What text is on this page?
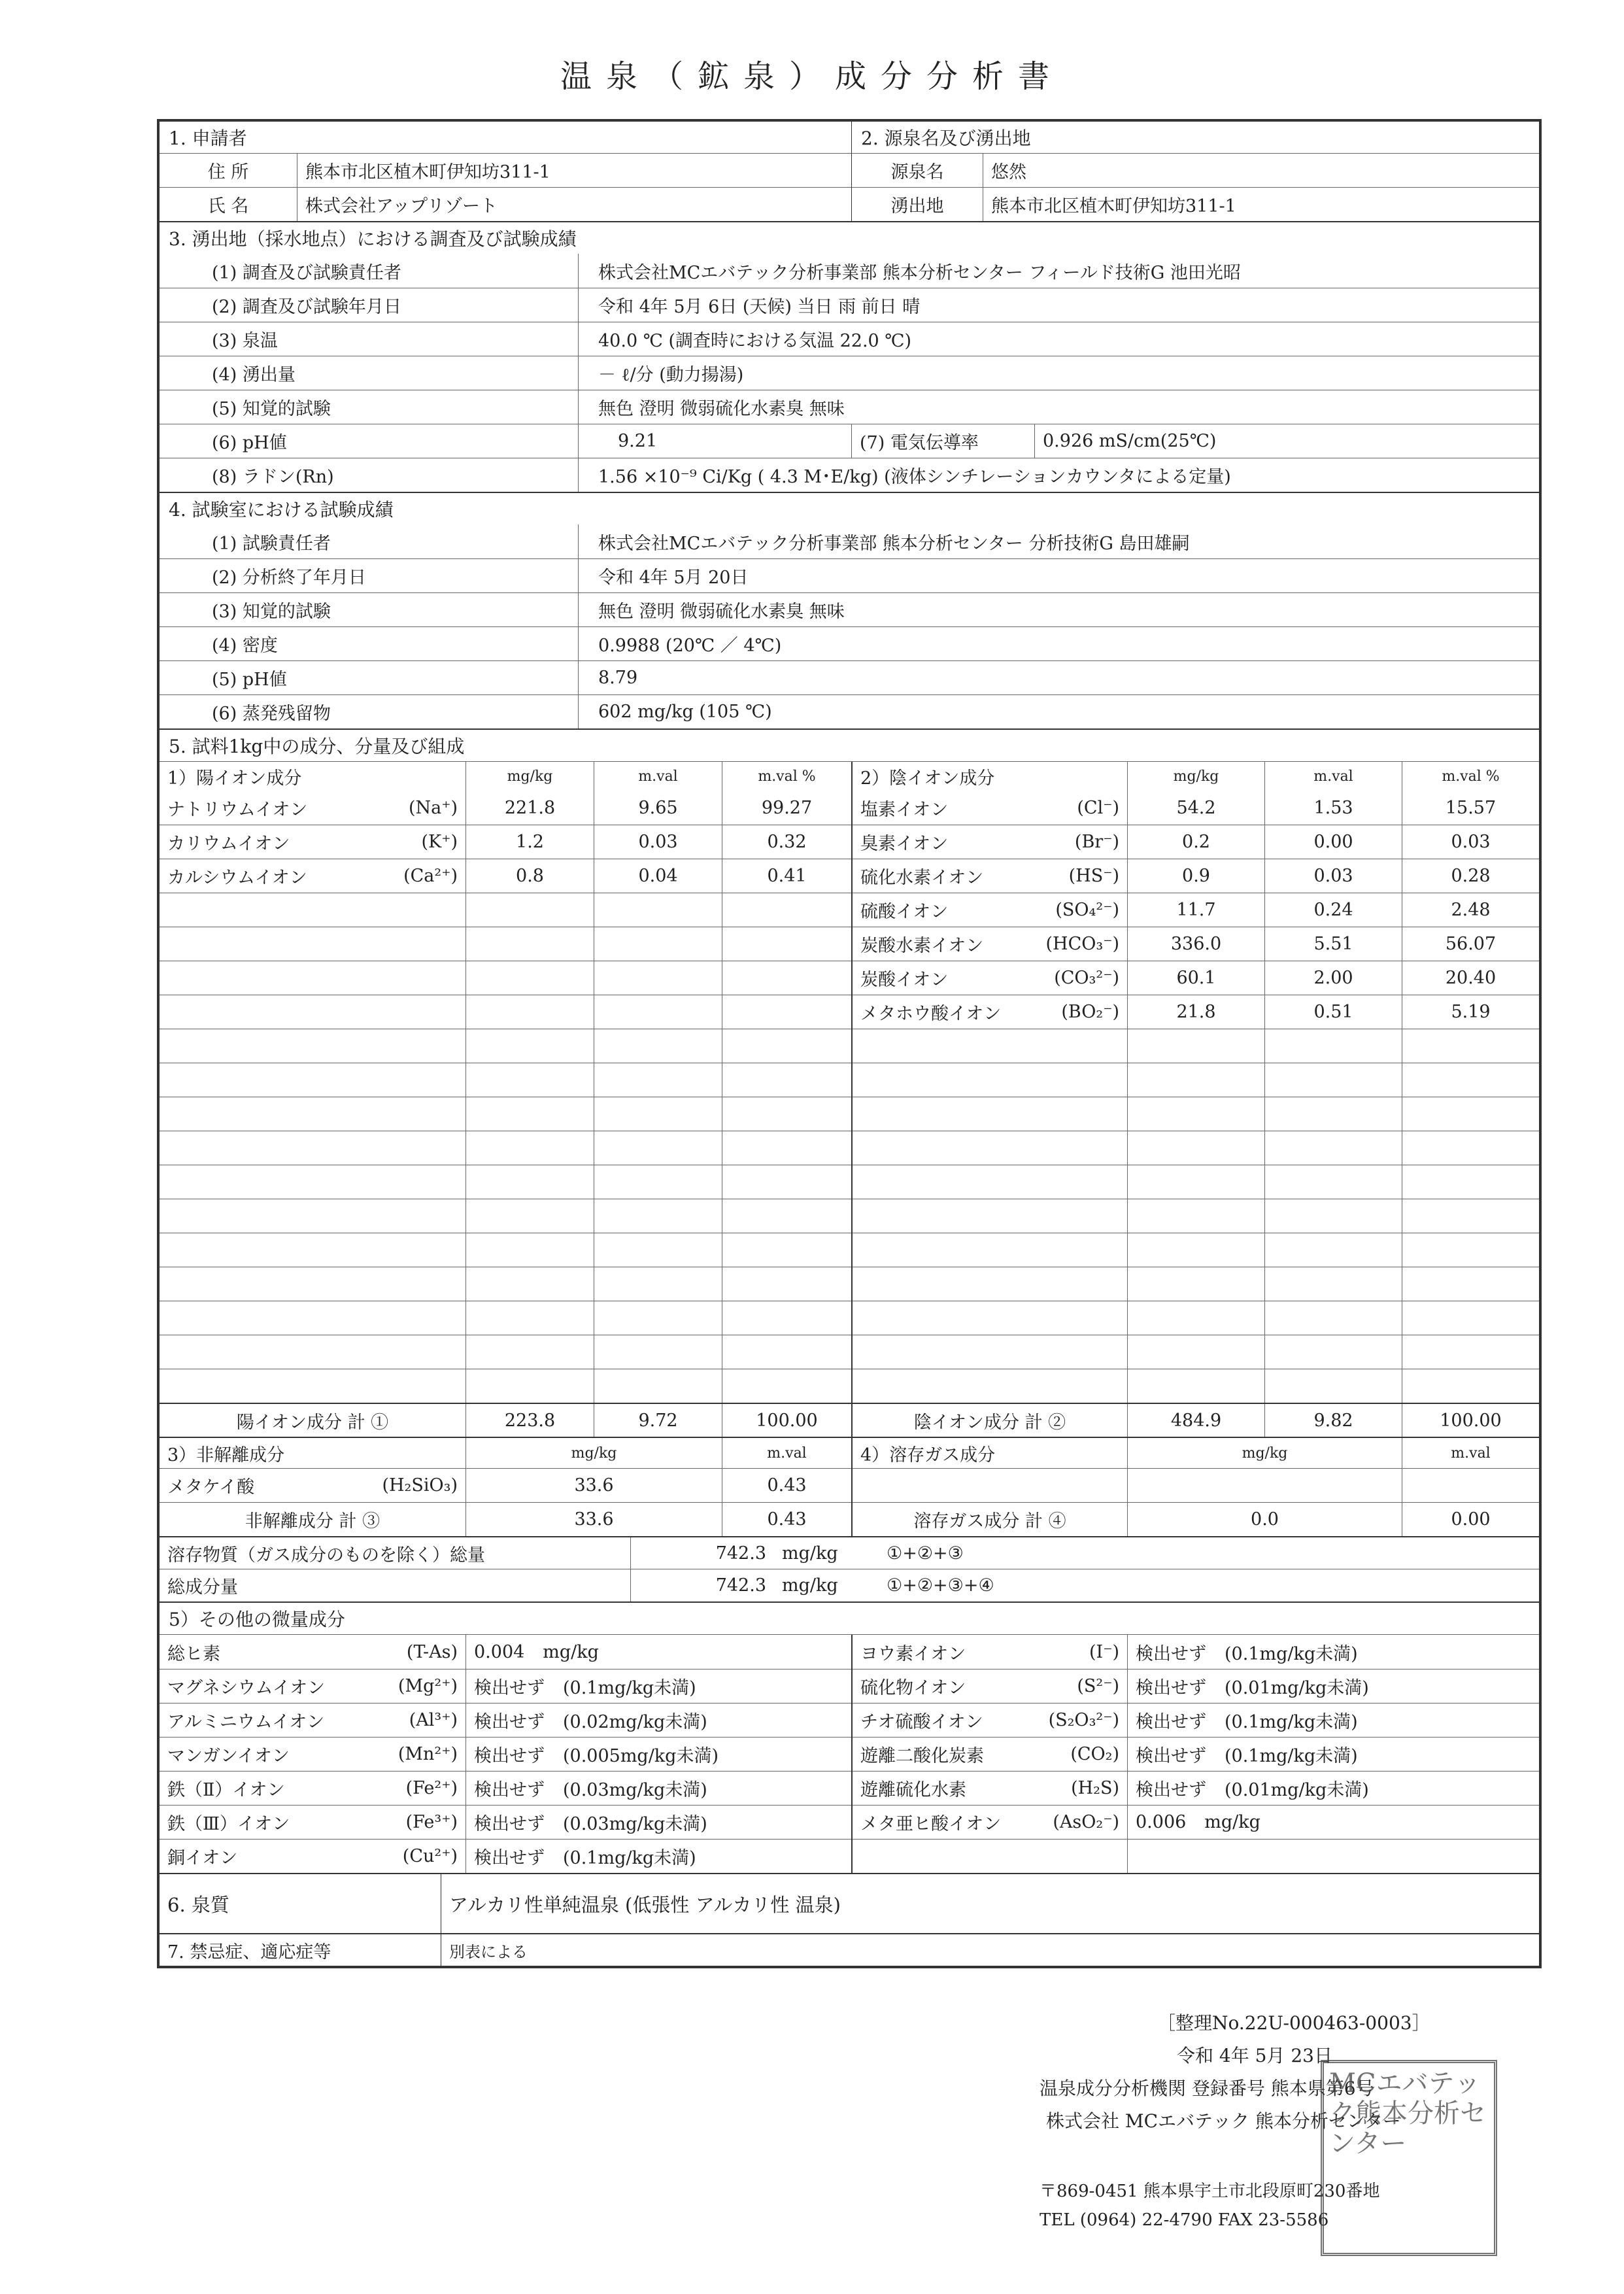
温泉（鉱泉）成分分析書
1. 申請者
住 所	熊本市北区植木町伊知坊311-1
氏 名	株式会社アップリゾート
2. 源泉名及び湧出地
源泉名	悠然
湧出地	熊本市北区植木町伊知坊311-1
3. 湧出地（採水地点）における調査及び試験成績
(1) 調査及び試験責任者	株式会社MCエバテック分析事業部 熊本分析センター フィールド技術G 池田光昭
(2) 調査及び試験年月日	令和 4年 5月 6日 (天候) 当日 雨 前日 晴
(3) 泉温	40.0 ℃ (調査時における気温 22.0 ℃)
(4) 湧出量	－ ℓ/分 (動力揚湯)
(5) 知覚的試験	無色 澄明 微弱硫化水素臭 無味
(6) pH値	9.21	(7) 電気伝導率	0.926 mS/cm(25℃)
(8) ラドン(Rn)	1.56 ×10⁻⁹ Ci/Kg ( 4.3 M･E/kg) (液体シンチレーションカウンタによる定量)
4. 試験室における試験成績
(1) 試験責任者	株式会社MCエバテック分析事業部 熊本分析センター 分析技術G 島田雄嗣
(2) 分析終了年月日	令和 4年 5月 20日
(3) 知覚的試験	無色 澄明 微弱硫化水素臭 無味
(4) 密度	0.9988 (20℃ ／ 4℃)
(5) pH値	8.79
(6) 蒸発残留物	602 mg/kg (105 ℃)
5. 試料1kg中の成分、分量及び組成
1）陽イオン成分	mg/kg	m.val	m.val %
ナトリウムイオン	(Na⁺)	221.8	9.65	99.27
カリウムイオン	(K⁺)	1.2	0.03	0.32
カルシウムイオン	(Ca²⁺)	0.8	0.04	0.41
2）陰イオン成分	mg/kg	m.val	m.val %
塩素イオン	(Cl⁻)	54.2	1.53	15.57
臭素イオン	(Br⁻)	0.2	0.00	0.03
硫化水素イオン	(HS⁻)	0.9	0.03	0.28
硫酸イオン	(SO₄²⁻)	11.7	0.24	2.48
炭酸水素イオン	(HCO₃⁻)	336.0	5.51	56.07
炭酸イオン	(CO₃²⁻)	60.1	2.00	20.40
メタホウ酸イオン	(BO₂⁻)	21.8	0.51	5.19
陽イオン成分 計 ①	223.8	9.72	100.00	陰イオン成分 計 ②	484.9	9.82	100.00
3）非解離成分	mg/kg	m.val
メタケイ酸	(H₂SiO₃)	33.6	0.43
非解離成分 計 ③	33.6	0.43
4）溶存ガス成分	mg/kg	m.val
溶存ガス成分 計 ④	0.0	0.00
溶存物質（ガス成分のものを除く）総量	742.3 mg/kg	①+②+③
総成分量	742.3 mg/kg	①+②+③+④
5）その他の微量成分
総ヒ素	(T-As) 0.004 mg/kg
マグネシウムイオン	(Mg²⁺) 検出せず (0.1mg/kg未満)
アルミニウムイオン	(Al³⁺) 検出せず (0.02mg/kg未満)
マンガンイオン	(Mn²⁺) 検出せず (0.005mg/kg未満)
鉄（Ⅱ）イオン	(Fe²⁺) 検出せず (0.03mg/kg未満)
鉄（Ⅲ）イオン	(Fe³⁺) 検出せず (0.03mg/kg未満)
銅イオン	(Cu²⁺) 検出せず (0.1mg/kg未満)
ヨウ素イオン	(I⁻) 検出せず (0.1mg/kg未満)
硫化物イオン	(S²⁻) 検出せず (0.01mg/kg未満)
チオ硫酸イオン	(S₂O₃²⁻) 検出せず (0.1mg/kg未満)
遊離二酸化炭素	(CO₂) 検出せず (0.1mg/kg未満)
遊離硫化水素	(H₂S) 検出せず (0.01mg/kg未満)
メタ亜ヒ酸イオン	(AsO₂⁻) 0.006 mg/kg
6. 泉質	アルカリ性単純温泉 (低張性 アルカリ性 温泉)
7. 禁忌症、適応症等	別表による
［整理No.22U-000463-0003］
令和 4年 5月 23日
温泉成分分析機関 登録番号 熊本県第6号
株式会社 MCエバテック 熊本分析センター
〒869-0451 熊本県宇土市北段原町230番地
TEL (0964) 22-4790 FAX 23-5586
MCエバテック熊本分析センター
